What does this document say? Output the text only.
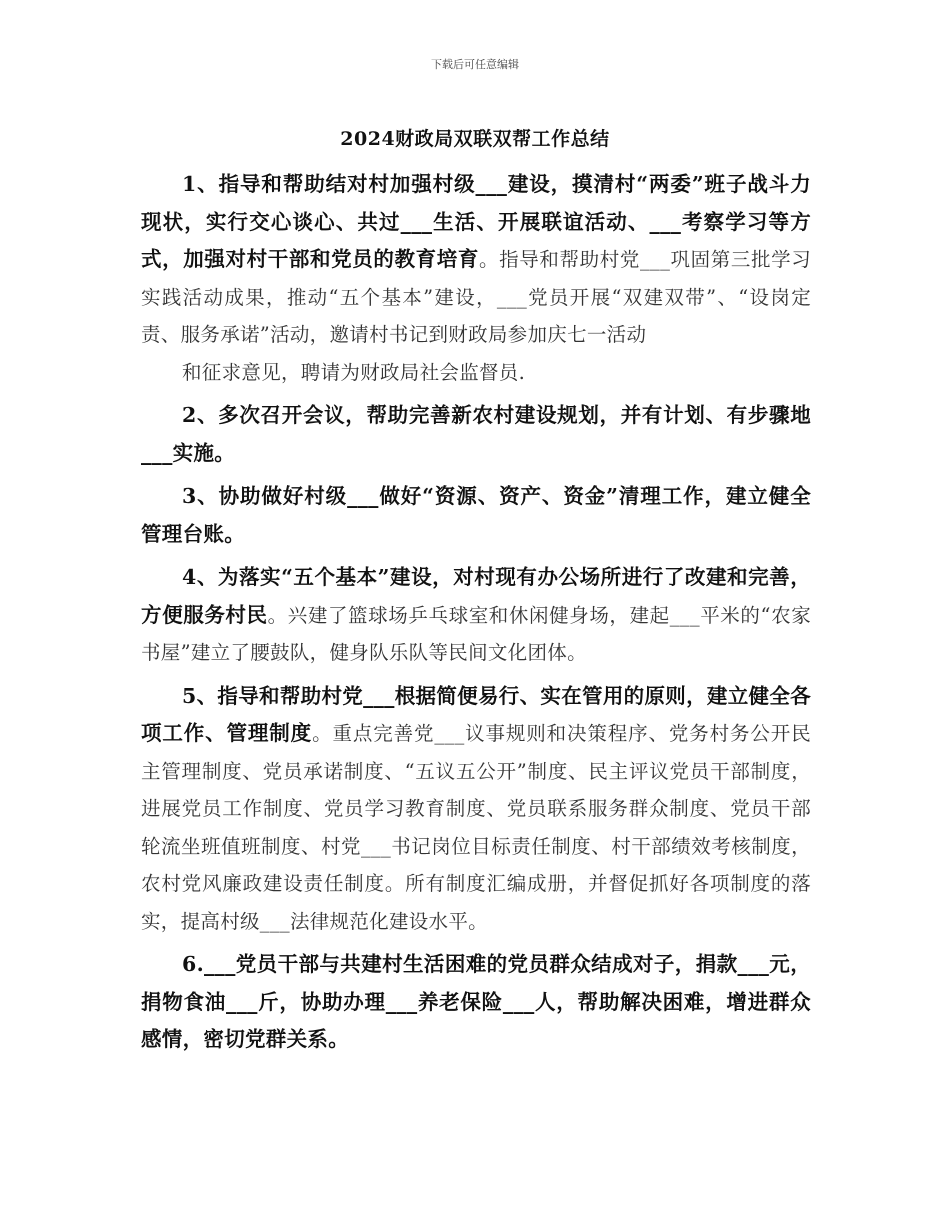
下载后可任意编辑
2024财政局双联双帮工作总结

1、指导和帮助结对村加强村级___建设，摸清村“两委”班子战斗力现状，实行交心谈心、共过___生活、开展联谊活动、___考察学习等方式，加强对村干部和党员的教育培育。指导和帮助村党___巩固第三批学习实践活动成果，推动“五个基本”建设，___党员开展“双建双带”、“设岗定责、服务承诺”活动，邀请村书记到财政局参加庆七一活动

和征求意见，聘请为财政局社会监督员.

2、多次召开会议，帮助完善新农村建设规划，并有计划、有步骤地___实施。

3、协助做好村级___做好“资源、资产、资金”清理工作，建立健全管理台账。

4、为落实“五个基本”建设，对村现有办公场所进行了改建和完善，方便服务村民。兴建了篮球场乒乓球室和休闲健身场，建起___平米的“农家书屋”建立了腰鼓队，健身队乐队等民间文化团体。

5、指导和帮助村党___根据简便易行、实在管用的原则，建立健全各项工作、管理制度。重点完善党___议事规则和决策程序、党务村务公开民主管理制度、党员承诺制度、“五议五公开”制度、民主评议党员干部制度，进展党员工作制度、党员学习教育制度、党员联系服务群众制度、党员干部轮流坐班值班制度、村党___书记岗位目标责任制度、村干部绩效考核制度，农村党风廉政建设责任制度。所有制度汇编成册，并督促抓好各项制度的落实，提高村级___法律规范化建设水平。

6.___党员干部与共建村生活困难的党员群众结成对子，捐款___元，捐物食油___斤，协助办理___养老保险___人，帮助解决困难，增进群众感情，密切党群关系。
